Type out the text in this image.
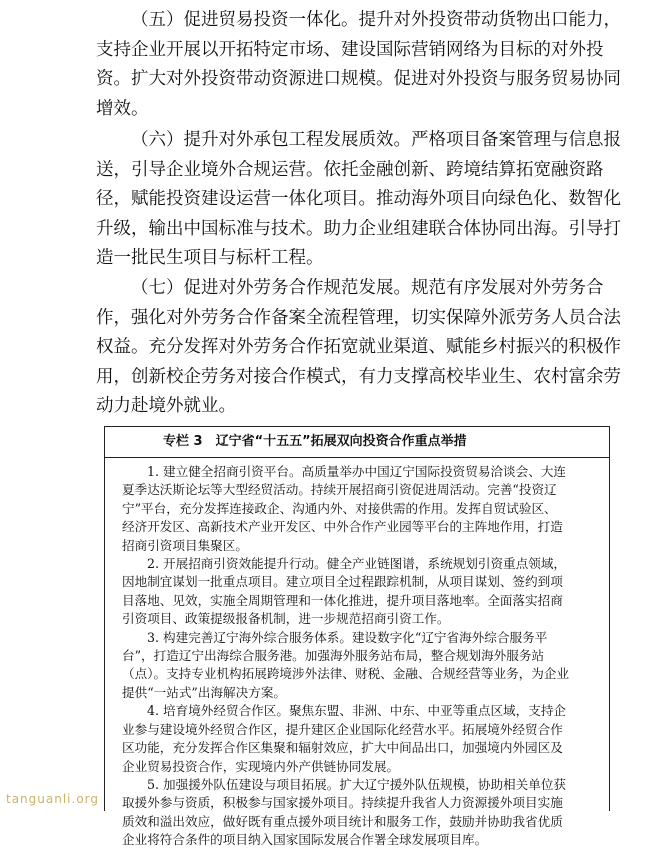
（五）促进贸易投资一体化。提升对外投资带动货物出口能力，
支持企业开展以开拓特定市场、建设国际营销网络为目标的对外投
资。扩大对外投资带动资源进口规模。促进对外投资与服务贸易协同
增效。

（六）提升对外承包工程发展质效。严格项目备案管理与信息报
送，引导企业境外合规运营。依托金融创新、跨境结算拓宽融资路
径，赋能投资建设运营一体化项目。推动海外项目向绿色化、数智化
升级，输出中国标准与技术。助力企业组建联合体协同出海。引导打
造一批民生项目与标杆工程。

（七）促进对外劳务合作规范发展。规范有序发展对外劳务合
作，强化对外劳务合作备案全流程管理，切实保障外派劳务人员合法
权益。充分发挥对外劳务合作拓宽就业渠道、赋能乡村振兴的积极作
用，创新校企劳务对接合作模式，有力支撑高校毕业生、农村富余劳
动力赴境外就业。

专栏 3　辽宁省“十五五”拓展双向投资合作重点举措
1. 建立健全招商引资平台。高质量举办中国辽宁国际投资贸易洽谈会、大连
夏季达沃斯论坛等大型经贸活动。持续开展招商引资促进周活动。完善“投资辽
宁”平台，充分发挥连接政企、沟通内外、对接供需的作用。发挥自贸试验区、
经济开发区、高新技术产业开发区、中外合作产业园等平台的主阵地作用，打造
招商引资项目集聚区。
2. 开展招商引资效能提升行动。健全产业链图谱，系统规划引资重点领域，
因地制宜谋划一批重点项目。建立项目全过程跟踪机制，从项目谋划、签约到项
目落地、见效，实施全周期管理和一体化推进，提升项目落地率。全面落实招商
引资项目、政策提级报备机制，进一步规范招商引资工作。
3. 构建完善辽宁海外综合服务体系。建设数字化“辽宁省海外综合服务平
台”，打造辽宁出海综合服务港。加强海外服务站布局，整合规划海外服务站
（点）。支持专业机构拓展跨境涉外法律、财税、金融、合规经营等业务，为企业
提供“一站式”出海解决方案。
4. 培育境外经贸合作区。聚焦东盟、非洲、中东、中亚等重点区域，支持企
业参与建设境外经贸合作区，提升建区企业国际化经营水平。拓展境外经贸合作
区功能，充分发挥合作区集聚和辐射效应，扩大中间品出口，加强境内外园区及
企业贸易投资合作，实现境内外产供链协同发展。
5. 加强援外队伍建设与项目拓展。扩大辽宁援外队伍规模，协助相关单位获
取援外参与资质，积极参与国家援外项目。持续提升我省人力资源援外项目实施
质效和溢出效应，做好既有重点援外项目统计和服务工作，鼓励并协助我省优质
企业将符合条件的项目纳入国家国际发展合作署全球发展项目库。
tanguanli.org
